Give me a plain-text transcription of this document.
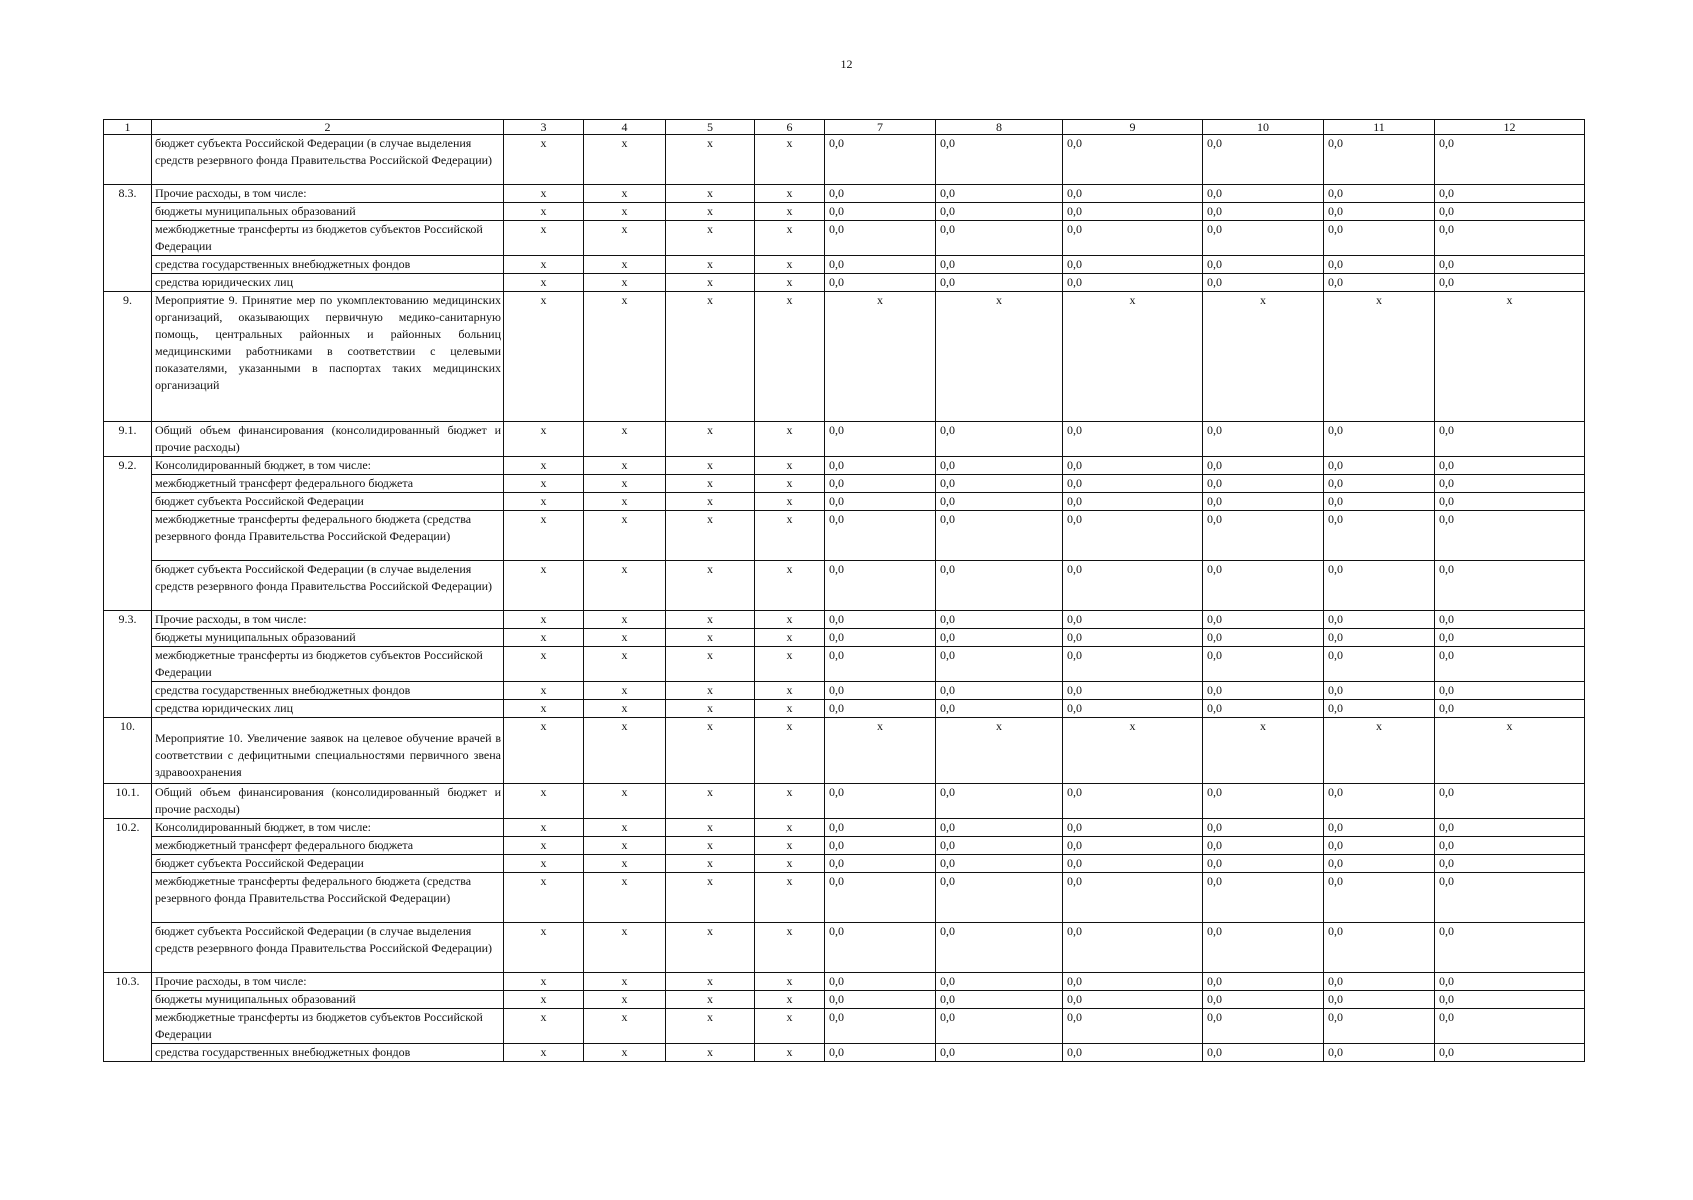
12
1	2	3	4	5	6	7	8	9	10	11	12
	бюджет субъекта Российской Федерации (в случае выделения средств резервного фонда Правительства Российской Федерации)	x	x	x	x	0,0	0,0	0,0	0,0	0,0	0,0
8.3.	Прочие расходы, в том числе:	x	x	x	x	0,0	0,0	0,0	0,0	0,0	0,0
	бюджеты муниципальных образований	x	x	x	x	0,0	0,0	0,0	0,0	0,0	0,0
	межбюджетные трансферты из бюджетов субъектов Российской Федерации	x	x	x	x	0,0	0,0	0,0	0,0	0,0	0,0
	средства государственных внебюджетных фондов	x	x	x	x	0,0	0,0	0,0	0,0	0,0	0,0
	средства юридических лиц	x	x	x	x	0,0	0,0	0,0	0,0	0,0	0,0
9.	Мероприятие 9. Принятие мер по укомплектованию медицинских организаций, оказывающих первичную медико-санитарную помощь, центральных районных и районных больниц медицинскими работниками в соответствии с целевыми показателями, указанными в паспортах таких медицинских организаций	x	x	x	x	x	x	x	x	x	x
9.1.	Общий объем финансирования (консолидированный бюджет и прочие расходы)	x	x	x	x	0,0	0,0	0,0	0,0	0,0	0,0
9.2.	Консолидированный бюджет, в том числе:	x	x	x	x	0,0	0,0	0,0	0,0	0,0	0,0
	межбюджетный трансферт федерального бюджета	x	x	x	x	0,0	0,0	0,0	0,0	0,0	0,0
	бюджет субъекта Российской Федерации	x	x	x	x	0,0	0,0	0,0	0,0	0,0	0,0
	межбюджетные трансферты федерального бюджета (средства резервного фонда Правительства Российской Федерации)	x	x	x	x	0,0	0,0	0,0	0,0	0,0	0,0
	бюджет субъекта Российской Федерации (в случае выделения средств резервного фонда Правительства Российской Федерации)	x	x	x	x	0,0	0,0	0,0	0,0	0,0	0,0
9.3.	Прочие расходы, в том числе:	x	x	x	x	0,0	0,0	0,0	0,0	0,0	0,0
	бюджеты муниципальных образований	x	x	x	x	0,0	0,0	0,0	0,0	0,0	0,0
	межбюджетные трансферты из бюджетов субъектов Российской Федерации	x	x	x	x	0,0	0,0	0,0	0,0	0,0	0,0
	средства государственных внебюджетных фондов	x	x	x	x	0,0	0,0	0,0	0,0	0,0	0,0
	средства юридических лиц	x	x	x	x	0,0	0,0	0,0	0,0	0,0	0,0
10.	Мероприятие 10. Увеличение заявок на целевое обучение врачей в соответствии с дефицитными специальностями первичного звена здравоохранения	x	x	x	x	x	x	x	x	x	x
10.1.	Общий объем финансирования (консолидированный бюджет и прочие расходы)	x	x	x	x	0,0	0,0	0,0	0,0	0,0	0,0
10.2.	Консолидированный бюджет, в том числе:	x	x	x	x	0,0	0,0	0,0	0,0	0,0	0,0
	межбюджетный трансферт федерального бюджета	x	x	x	x	0,0	0,0	0,0	0,0	0,0	0,0
	бюджет субъекта Российской Федерации	x	x	x	x	0,0	0,0	0,0	0,0	0,0	0,0
	межбюджетные трансферты федерального бюджета (средства резервного фонда Правительства Российской Федерации)	x	x	x	x	0,0	0,0	0,0	0,0	0,0	0,0
	бюджет субъекта Российской Федерации (в случае выделения средств резервного фонда Правительства Российской Федерации)	x	x	x	x	0,0	0,0	0,0	0,0	0,0	0,0
10.3.	Прочие расходы, в том числе:	x	x	x	x	0,0	0,0	0,0	0,0	0,0	0,0
	бюджеты муниципальных образований	x	x	x	x	0,0	0,0	0,0	0,0	0,0	0,0
	межбюджетные трансферты из бюджетов субъектов Российской Федерации	x	x	x	x	0,0	0,0	0,0	0,0	0,0	0,0
	средства государственных внебюджетных фондов	x	x	x	x	0,0	0,0	0,0	0,0	0,0	0,0
